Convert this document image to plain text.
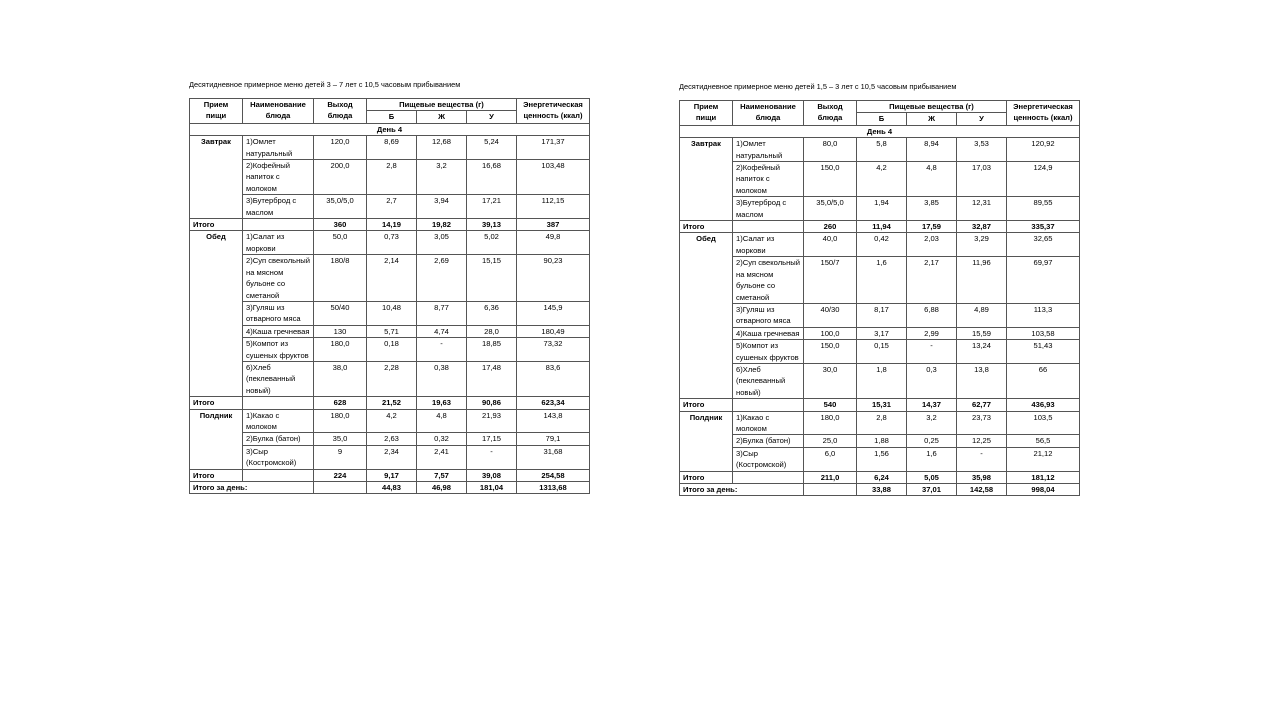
Десятидневное примерное меню детей 3 – 7 лет с 10,5 часовым прибыванием
Прием пищи	Наименование блюда	Выход блюда	Пищевые вещества (г)			Энергетическая ценность (ккал)
			Б	Ж	У	
День 4						
Завтрак	1)Омлет натуральный	120,0	8,69	12,68	5,24	171,37
	2)Кофейный напиток с молоком	200,0	2,8	3,2	16,68	103,48
	3)Бутерброд с маслом	35,0/5,0	2,7	3,94	17,21	112,15
Итого		360	14,19	19,82	39,13	387
Обед	1)Салат из моркови	50,0	0,73	3,05	5,02	49,8
	2)Суп свекольный на мясном бульоне со сметаной	180/8	2,14	2,69	15,15	90,23
	3)Гуляш из отварного мяса	50/40	10,48	8,77	6,36	145,9
	4)Каша гречневая	130	5,71	4,74	28,0	180,49
	5)Компот из сушеных фруктов	180,0	0,18	-	18,85	73,32
	6)Хлеб (пеклеванный новый)	38,0	2,28	0,38	17,48	83,6
Итого		628	21,52	19,63	90,86	623,34
Полдник	1)Какао с молоком	180,0	4,2	4,8	21,93	143,8
	2)Булка (батон)	35,0	2,63	0,32	17,15	79,1
	3)Сыр (Костромской)	9	2,34	2,41	-	31,68
Итого		224	9,17	7,57	39,08	254,58
Итого за день:			44,83	46,98	181,04	1313,68
Десятидневное примерное меню детей 1,5 – 3 лет с 10,5 часовым прибыванием
Прием пищи	Наименование блюда	Выход блюда	Пищевые вещества (г)			Энергетическая ценность (ккал)
			Б	Ж	У	
День 4						
Завтрак	1)Омлет натуральный	80,0	5,8	8,94	3,53	120,92
	2)Кофейный напиток с молоком	150,0	4,2	4,8	17,03	124,9
	3)Бутерброд с маслом	35,0/5,0	1,94	3,85	12,31	89,55
Итого		260	11,94	17,59	32,87	335,37
Обед	1)Салат из моркови	40,0	0,42	2,03	3,29	32,65
	2)Суп свекольный на мясном бульоне со сметаной	150/7	1,6	2,17	11,96	69,97
	3)Гуляш из отварного мяса	40/30	8,17	6,88	4,89	113,3
	4)Каша гречневая	100,0	3,17	2,99	15,59	103,58
	5)Компот из сушеных фруктов	150,0	0,15	-	13,24	51,43
	6)Хлеб (пеклеванный новый)	30,0	1,8	0,3	13,8	66
Итого		540	15,31	14,37	62,77	436,93
Полдник	1)Какао с молоком	180,0	2,8	3,2	23,73	103,5
	2)Булка (батон)	25,0	1,88	0,25	12,25	56,5
	3)Сыр (Костромской)	6,0	1,56	1,6	-	21,12
Итого		211,0	6,24	5,05	35,98	181,12
Итого за день:			33,88	37,01	142,58	998,04
